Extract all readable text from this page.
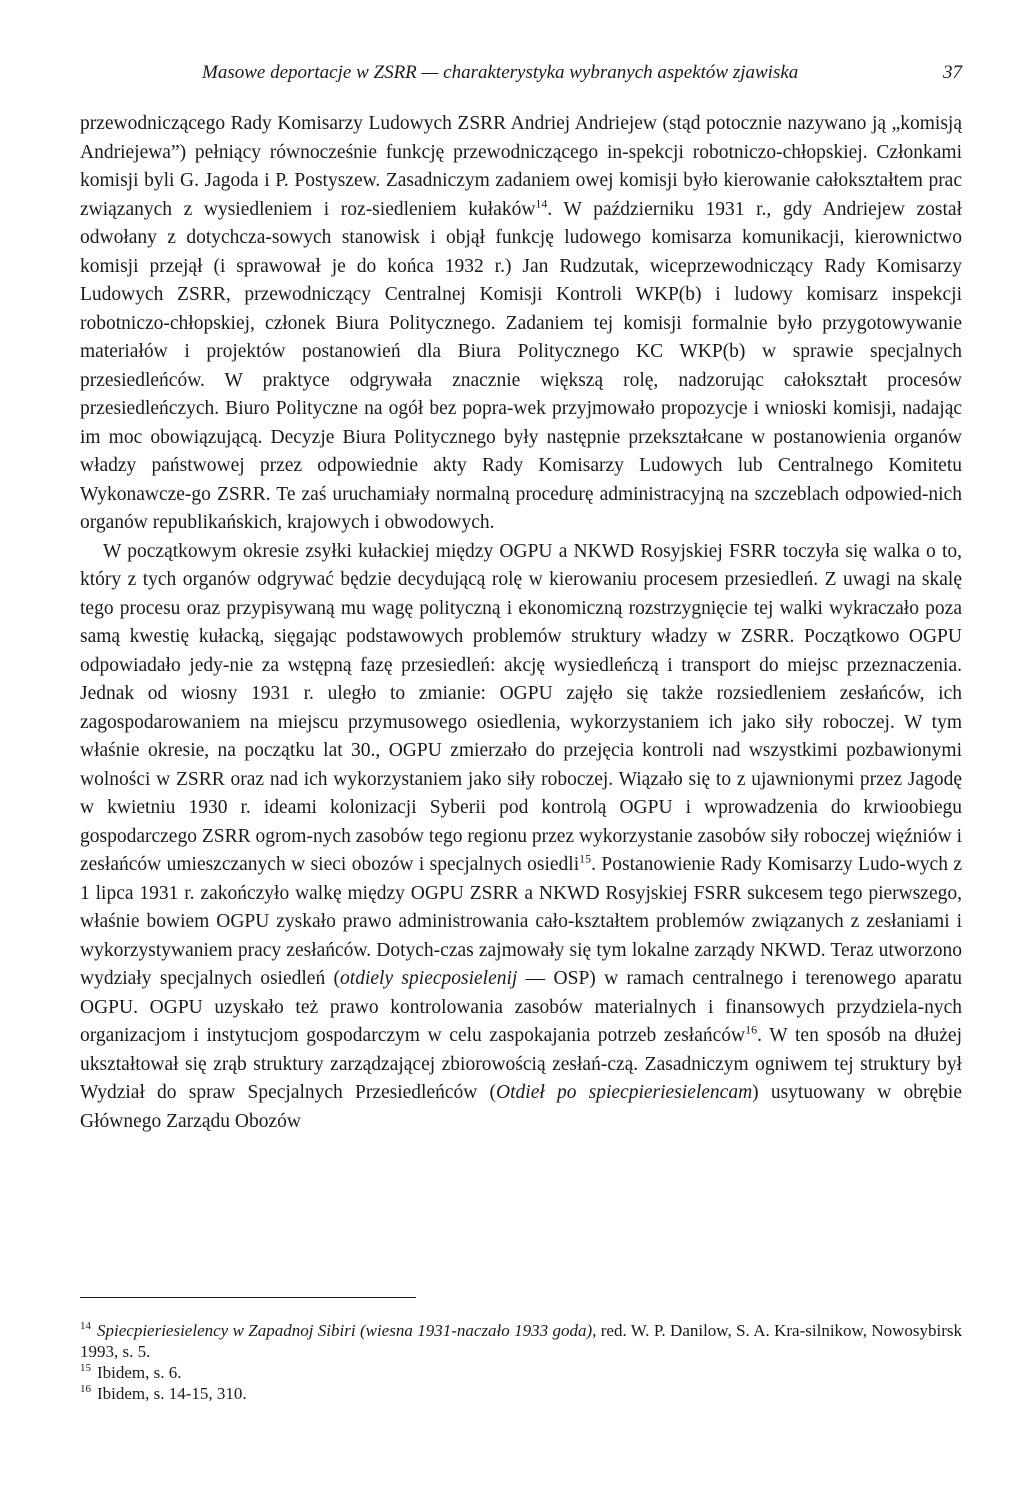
Masowe deportacje w ZSRR — charakterystyka wybranych aspektów zjawiska	37

przewodniczącego Rady Komisarzy Ludowych ZSRR Andriej Andriejew (stąd potocznie nazywano ją „komisją Andriejewa”) pełniący równocześnie funkcję przewodniczącego in-spekcji robotniczo-chłopskiej. Członkami komisji byli G. Jagoda i P. Postyszew. Zasadniczym zadaniem owej komisji było kierowanie całokształtem prac związanych z wysiedleniem i roz-siedleniem kułaków$^{14}$. W październiku 1931 r., gdy Andriejew został odwołany z dotychcza-sowych stanowisk i objął funkcję ludowego komisarza komunikacji, kierownictwo komisji przejął (i sprawował je do końca 1932 r.) Jan Rudzutak, wiceprzewodniczący Rady Komisarzy Ludowych ZSRR, przewodniczący Centralnej Komisji Kontroli WKP(b) i ludowy komisarz inspekcji robotniczo-chłopskiej, członek Biura Politycznego. Zadaniem tej komisji formalnie było przygotowywanie materiałów i projektów postanowień dla Biura Politycznego KC WKP(b) w sprawie specjalnych przesiedleńców. W praktyce odgrywała znacznie większą rolę, nadzorując całokształt procesów przesiedleńczych. Biuro Polityczne na ogół bez popra-wek przyjmowało propozycje i wnioski komisji, nadając im moc obowiązującą. Decyzje Biura Politycznego były następnie przekształcane w postanowienia organów władzy państwowej przez odpowiednie akty Rady Komisarzy Ludowych lub Centralnego Komitetu Wykonawcze-go ZSRR. Te zaś uruchamiały normalną procedurę administracyjną na szczeblach odpowied-nich organów republikańskich, krajowych i obwodowych.

W początkowym okresie zsyłki kułackiej między OGPU a NKWD Rosyjskiej FSRR toczyła się walka o to, który z tych organów odgrywać będzie decydującą rolę w kierowaniu procesem przesiedleń. Z uwagi na skalę tego procesu oraz przypisywaną mu wagę polityczną i ekonomiczną rozstrzygnięcie tej walki wykraczało poza samą kwestię kułacką, sięgając podstawowych problemów struktury władzy w ZSRR. Początkowo OGPU odpowiadało jedy-nie za wstępną fazę przesiedleń: akcję wysiedleńczą i transport do miejsc przeznaczenia. Jednak od wiosny 1931 r. uległo to zmianie: OGPU zajęło się także rozsiedleniem zesłańców, ich zagospodarowaniem na miejscu przymusowego osiedlenia, wykorzystaniem ich jako siły roboczej. W tym właśnie okresie, na początku lat 30., OGPU zmierzało do przejęcia kontroli nad wszystkimi pozbawionymi wolności w ZSRR oraz nad ich wykorzystaniem jako siły roboczej. Wiązało się to z ujawnionymi przez Jagodę w kwietniu 1930 r. ideami kolonizacji Syberii pod kontrolą OGPU i wprowadzenia do krwioobiegu gospodarczego ZSRR ogrom-nych zasobów tego regionu przez wykorzystanie zasobów siły roboczej więźniów i zesłańców umieszczanych w sieci obozów i specjalnych osiedli$^{15}$. Postanowienie Rady Komisarzy Ludo-wych z 1 lipca 1931 r. zakończyło walkę między OGPU ZSRR a NKWD Rosyjskiej FSRR sukcesem tego pierwszego, właśnie bowiem OGPU zyskało prawo administrowania cało-kształtem problemów związanych z zesłaniami i wykorzystywaniem pracy zesłańców. Dotych-czas zajmowały się tym lokalne zarządy NKWD. Teraz utworzono wydziały specjalnych osiedleń (otdiely spiecposielenij — OSP) w ramach centralnego i terenowego aparatu OGPU. OGPU uzyskało też prawo kontrolowania zasobów materialnych i finansowych przydziela-nych organizacjom i instytucjom gospodarczym w celu zaspokajania potrzeb zesłańców$^{16}$. W ten sposób na dłużej ukształtował się zrąb struktury zarządzającej zbiorowością zesłań-czą. Zasadniczym ogniwem tej struktury był Wydział do spraw Specjalnych Przesiedleńców (Otdieł po spiecpieriesielencam) usytuowany w obrębie Głównego Zarządu Obozów

$^{14}$ Spiecpieriesielency w Zapadnoj Sibiri (wiesna 1931-naczało 1933 goda), red. W. P. Danilow, S. A. Kra-silnikow, Nowosybirsk 1993, s. 5.

$^{15}$ Ibidem, s. 6.

$^{16}$ Ibidem, s. 14-15, 310.
